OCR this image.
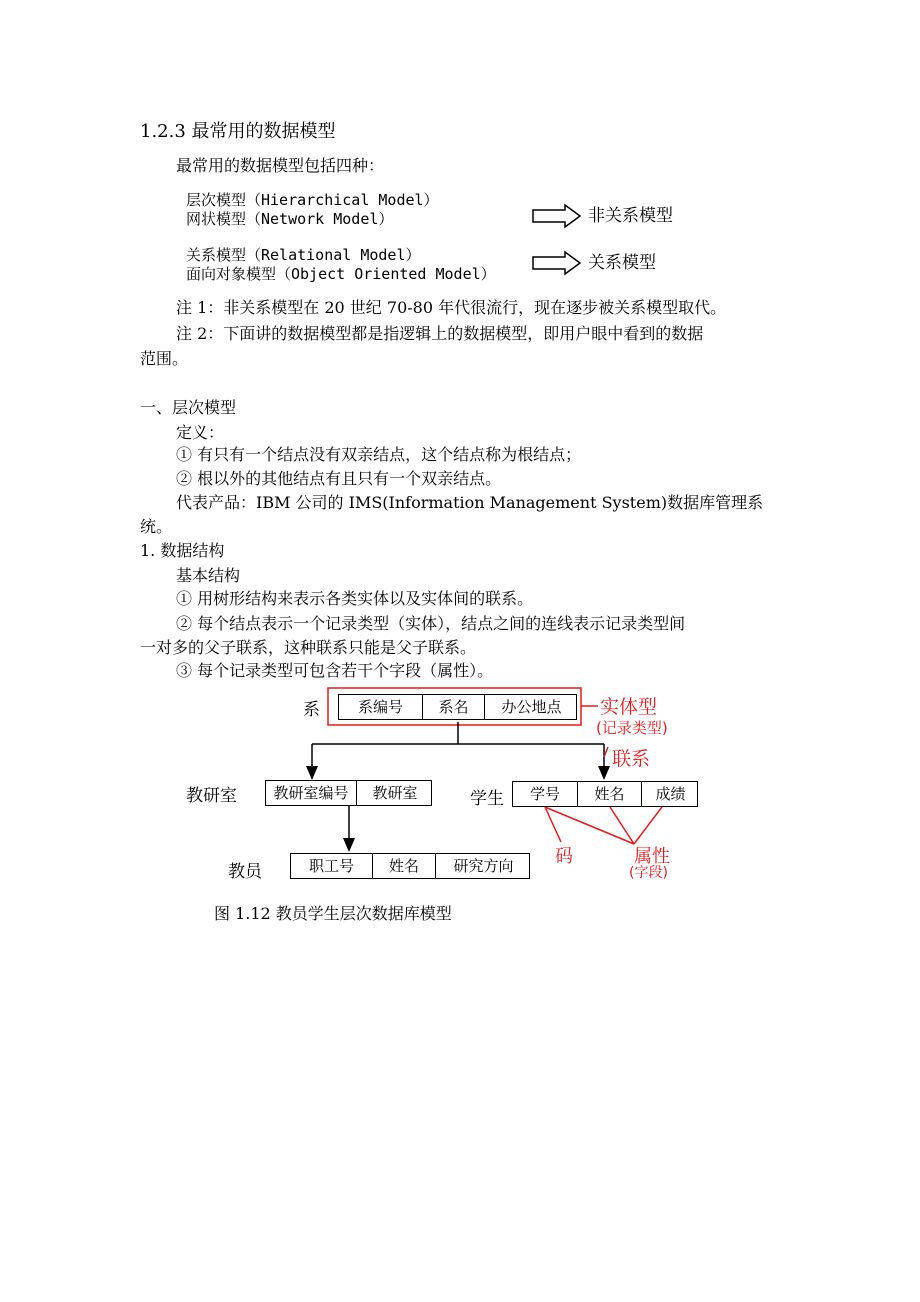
1.2.3 最常用的数据模型
最常用的数据模型包括四种：
层次模型（Hierarchical Model）
网状模型（Network Model）
关系模型（Relational Model）
面向对象模型（Object Oriented Model）
非关系模型
关系模型
注 1：非关系模型在 20 世纪 70-80 年代很流行，现在逐步被关系模型取代。
注 2：下面讲的数据模型都是指逻辑上的数据模型，即用户眼中看到的数据
范围。
一、层次模型
定义：
① 有只有一个结点没有双亲结点，这个结点称为根结点；
② 根以外的其他结点有且只有一个双亲结点。
代表产品：IBM 公司的 IMS(Information Management System)数据库管理系
统。
1. 数据结构
基本结构
① 用树形结构来表示各类实体以及实体间的联系。
② 每个结点表示一个记录类型（实体），结点之间的连线表示记录类型间
一对多的父子联系，这种联系只能是父子联系。
③ 每个记录类型可包含若干个字段（属性）。
系	系编号	系名	办公地点	实体型
(记录类型)
联系
教研室	教研室编号	教研室	学生	学号	姓名	成绩
码	属性
(字段)
教员	职工号	姓名	研究方向
图 1.12 教员学生层次数据库模型
